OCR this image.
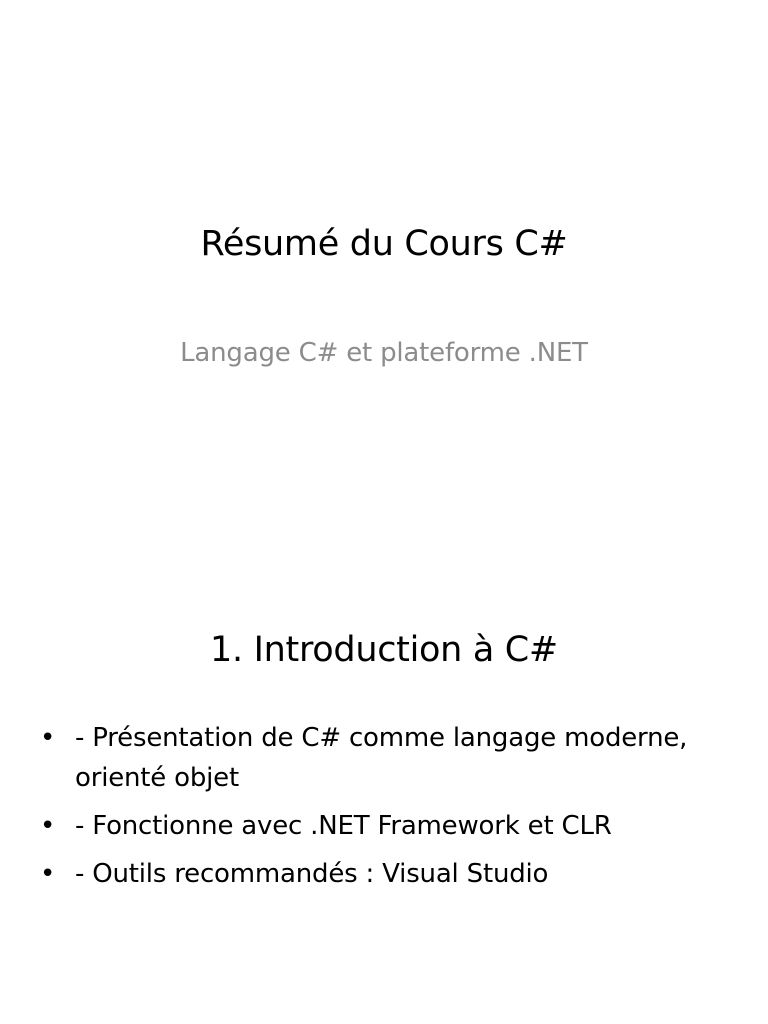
Résumé du Cours C#
Langage C# et plateforme .NET
1. Introduction à C#
• - Présentation de C# comme langage moderne, orienté objet
• - Fonctionne avec .NET Framework et CLR
• - Outils recommandés : Visual Studio
